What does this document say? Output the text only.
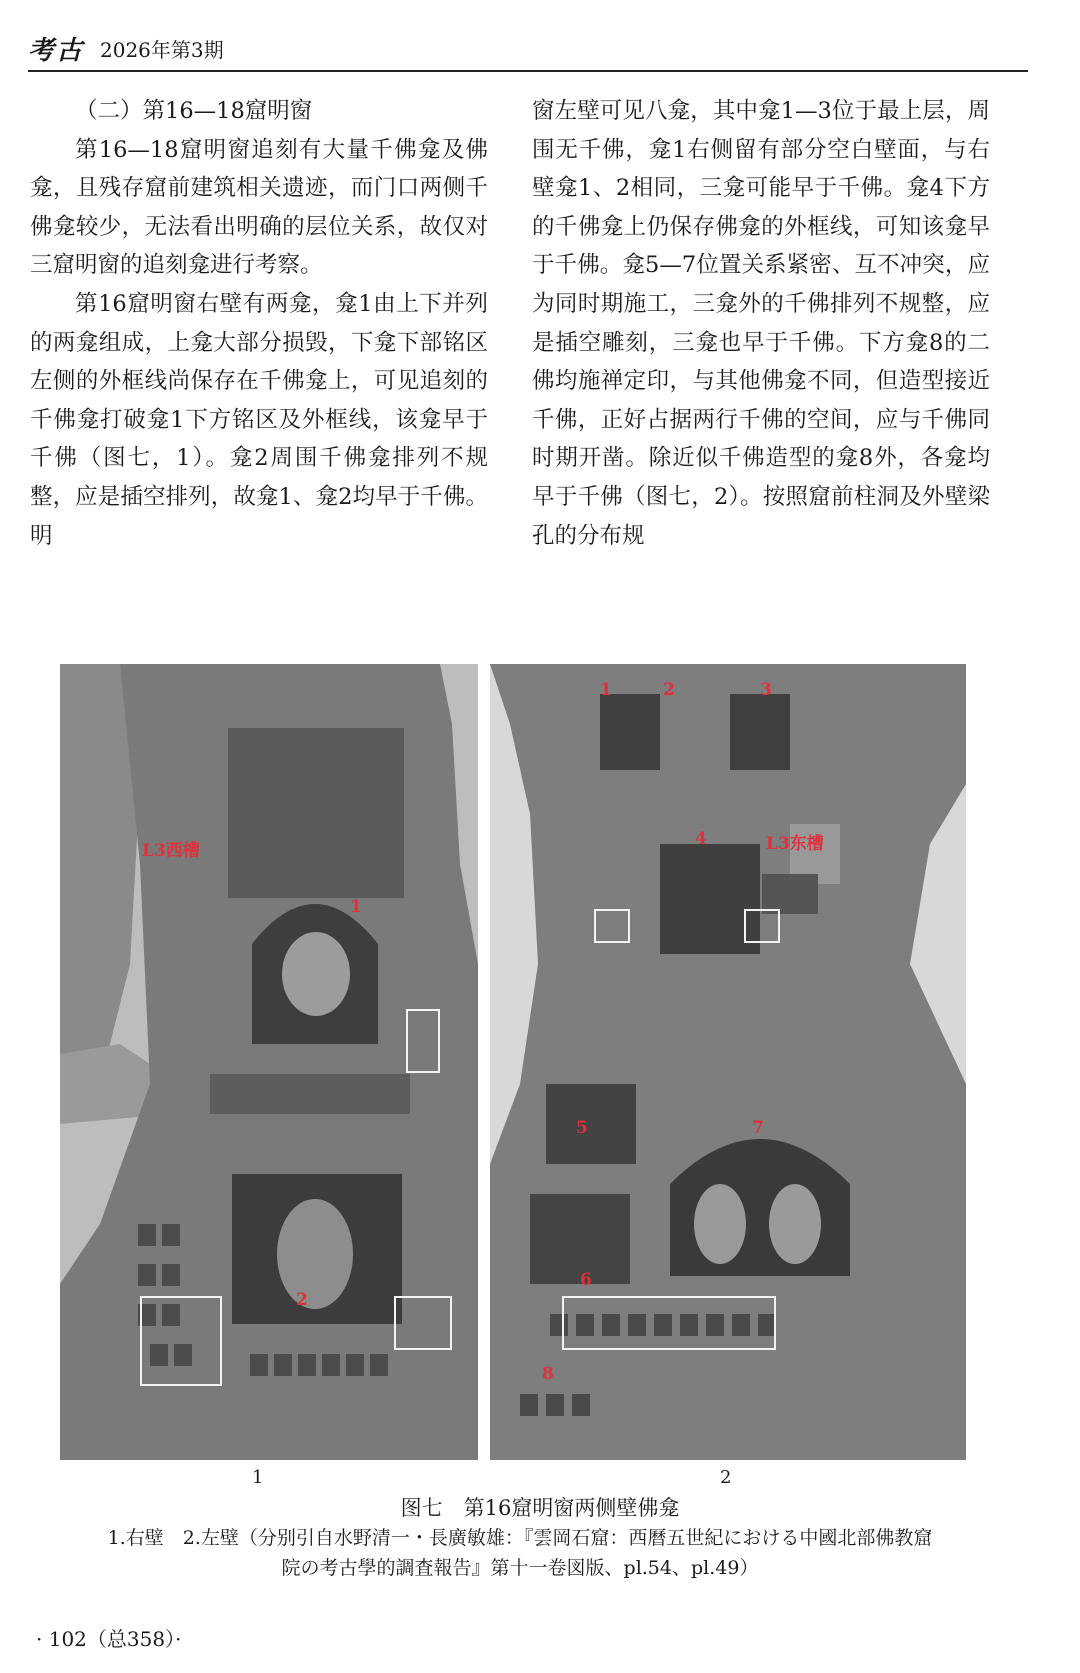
考古 2026年第3期

（二）第16—18窟明窗

第16—18窟明窗追刻有大量千佛龛及佛龛，且残存窟前建筑相关遗迹，而门口两侧千佛龛较少，无法看出明确的层位关系，故仅对三窟明窗的追刻龛进行考察。

第16窟明窗右壁有两龛，龛1由上下并列的两龛组成，上龛大部分损毁，下龛下部铭区左侧的外框线尚保存在千佛龛上，可见追刻的千佛龛打破龛1下方铭区及外框线，该龛早于千佛（图七，1）。龛2周围千佛龛排列不规整，应是插空排列，故龛1、龛2均早于千佛。明

窗左壁可见八龛，其中龛1—3位于最上层，周围无千佛，龛1右侧留有部分空白壁面，与右壁龛1、2相同，三龛可能早于千佛。龛4下方的千佛龛上仍保存佛龛的外框线，可知该龛早于千佛。龛5—7位置关系紧密、互不冲突，应为同时期施工，三龛外的千佛排列不规整，应是插空雕刻，三龛也早于千佛。下方龛8的二佛均施禅定印，与其他佛龛不同，但造型接近千佛，正好占据两行千佛的空间，应与千佛同时期开凿。除近似千佛造型的龛8外，各龛均早于千佛（图七，2）。按照窟前柱洞及外壁梁孔的分布规

L3西槽
1
2
1	2	3
4	L3东槽
5	7
6
8
1	2
图七　第16窟明窗两侧壁佛龛
1.右壁　2.左壁（分别引自水野清一・長廣敏雄：『雲岡石窟：西曆五世紀における中國北部佛教窟
院の考古學的調査報告』第十一卷図版、pl.54、pl.49）
· 102（总358）·
